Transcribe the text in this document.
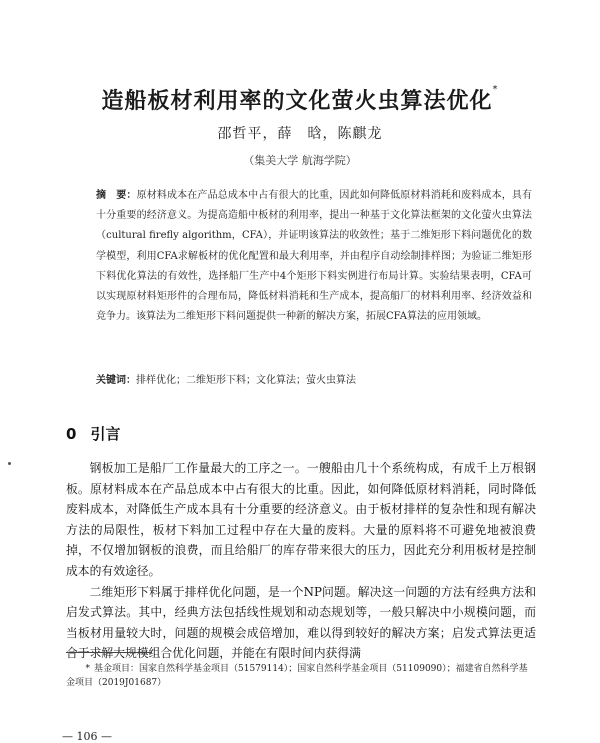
造船板材利用率的文化萤火虫算法优化*
邵哲平，薛　晗，陈麒龙
（集美大学 航海学院）
摘　要：原材料成本在产品总成本中占有很大的比重，因此如何降低原材料消耗和废料成本，具有十分重要的经济意义。为提高造船中板材的利用率，提出一种基于文化算法框架的文化萤火虫算法（cultural firefly algorithm，CFA），并证明该算法的收敛性；基于二维矩形下料问题优化的数学模型，利用CFA求解板材的优化配置和最大利用率，并由程序自动绘制排样图；为验证二维矩形下料优化算法的有效性，选择船厂生产中4个矩形下料实例进行布局计算。实验结果表明，CFA可以实现原材料矩形件的合理布局，降低材料消耗和生产成本，提高船厂的材料利用率、经济效益和竞争力。该算法为二维矩形下料问题提供一种新的解决方案，拓展CFA算法的应用领域。
关键词：排样优化；二维矩形下料；文化算法；萤火虫算法
0 引言

钢板加工是船厂工作量最大的工序之一。一艘船由几十个系统构成，有成千上万根钢板。原材料成本在产品总成本中占有很大的比重。因此，如何降低原材料消耗，同时降低废料成本，对降低生产成本具有十分重要的经济意义。由于板材排样的复杂性和现有解决方法的局限性，板材下料加工过程中存在大量的废料。大量的原料将不可避免地被浪费掉，不仅增加钢板的浪费，而且给船厂的库存带来很大的压力，因此充分利用板材是控制成本的有效途径。

二维矩形下料属于排样优化问题，是一个NP问题。解决这一问题的方法有经典方法和启发式算法。其中，经典方法包括线性规划和动态规划等，一般只解决中小规模问题，而当板材用量较大时，问题的规模会成倍增加，难以得到较好的解决方案；启发式算法更适合于求解大规模组合优化问题，并能在有限时间内获得满

* 基金项目：国家自然科学基金项目（51579114）；国家自然科学基金项目（51109090）；福建省自然科学基金项目（2019J01687）
— 106 —
